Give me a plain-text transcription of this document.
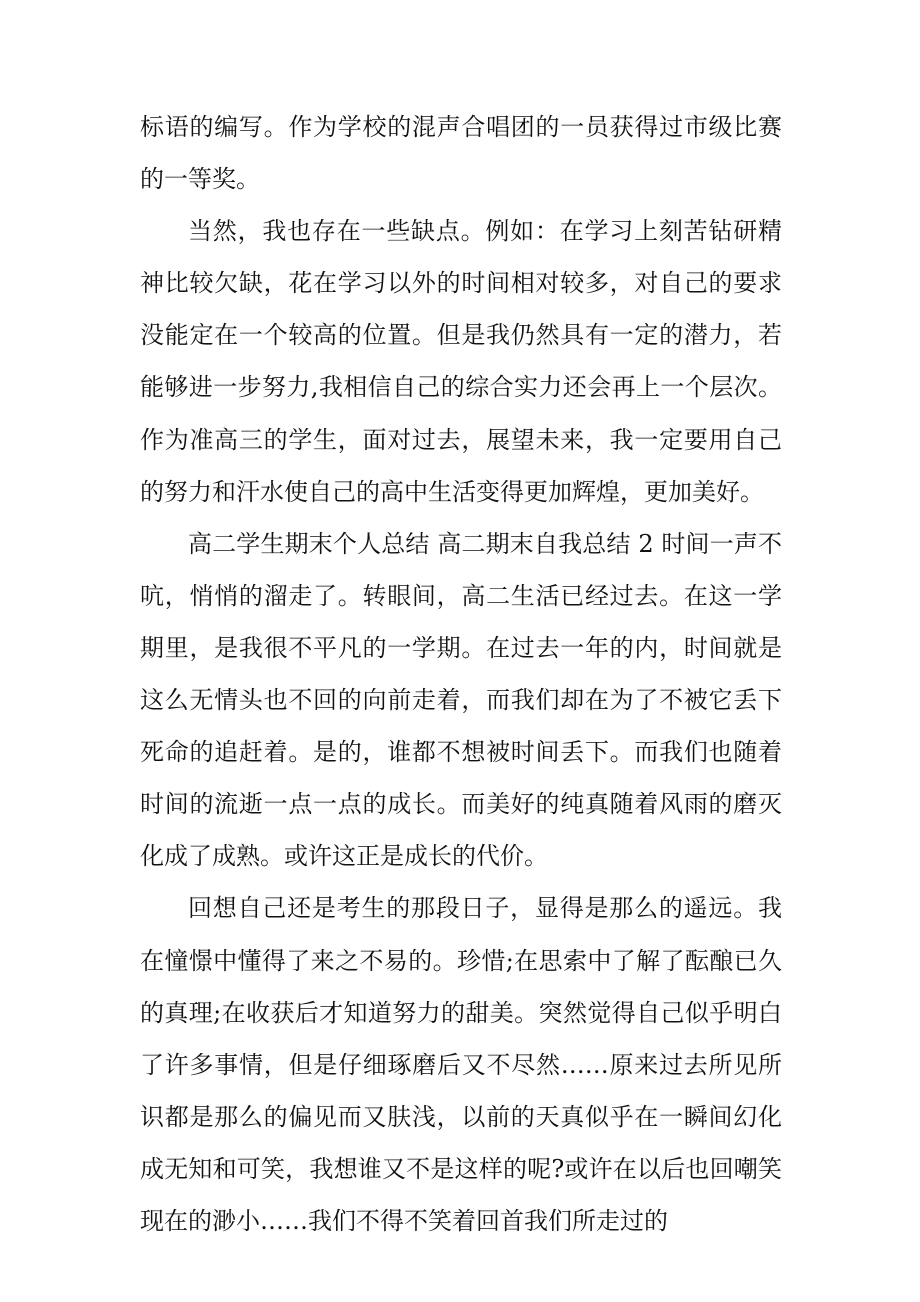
标语的编写。作为学校的混声合唱团的一员获得过市级比赛的一等奖。

当然，我也存在一些缺点。例如：在学习上刻苦钻研精神比较欠缺，花在学习以外的时间相对较多，对自己的要求没能定在一个较高的位置。但是我仍然具有一定的潜力，若能够进一步努力,我相信自己的综合实力还会再上一个层次。作为准高三的学生，面对过去，展望未来，我一定要用自己的努力和汗水使自己的高中生活变得更加辉煌，更加美好。

高二学生期末个人总结 高二期末自我总结 2 时间一声不吭，悄悄的溜走了。转眼间，高二生活已经过去。在这一学期里，是我很不平凡的一学期。在过去一年的内，时间就是这么无情头也不回的向前走着，而我们却在为了不被它丢下死命的追赶着。是的，谁都不想被时间丢下。而我们也随着时间的流逝一点一点的成长。而美好的纯真随着风雨的磨灭化成了成熟。或许这正是成长的代价。

回想自己还是考生的那段日子，显得是那么的遥远。我在憧憬中懂得了来之不易的。珍惜;在思索中了解了酝酿已久的真理;在收获后才知道努力的甜美。突然觉得自己似乎明白了许多事情，但是仔细琢磨后又不尽然……原来过去所见所识都是那么的偏见而又肤浅，以前的天真似乎在一瞬间幻化成无知和可笑，我想谁又不是这样的呢?或许在以后也回嘲笑现在的渺小……我们不得不笑着回首我们所走过的
